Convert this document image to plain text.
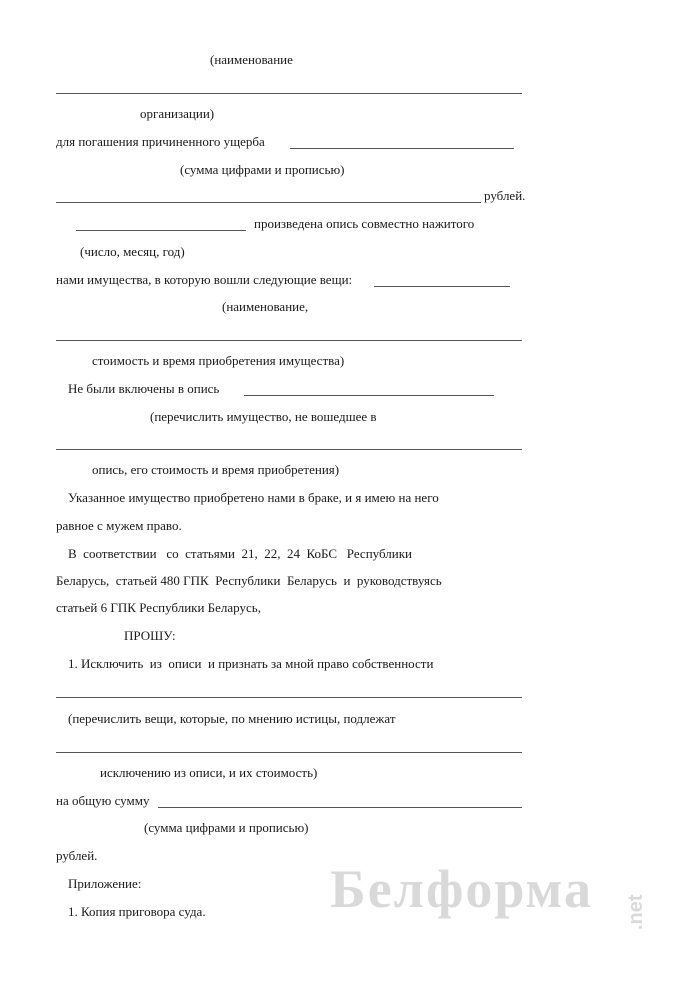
(наименование
организации)
для погашения причиненного ущерба
(сумма цифрами и прописью)
рублей.
произведена опись совместно нажитого
(число, месяц, год)
нами имущества, в которую вошли следующие вещи:
(наименование,
стоимость и время приобретения имущества)
Не были включены в опись
(перечислить имущество, не вошедшее в
опись, его стоимость и время приобретения)
Указанное имущество приобретено нами в браке, и я имею на него
равное с мужем право.
В  соответствии   со  статьями  21,  22,  24  КоБС   Республики
Беларусь,  статьей 480 ГПК  Республики  Беларусь  и  руководствуясь
статьей 6 ГПК Республики Беларусь,
ПРОШУ:
1. Исключить  из  описи  и признать за мной право собственности
(перечислить вещи, которые, по мнению истицы, подлежат
исключению из описи, и их стоимость)
на общую сумму
(сумма цифрами и прописью)
рублей.
Приложение:
1. Копия приговора суда. Белформа .net
